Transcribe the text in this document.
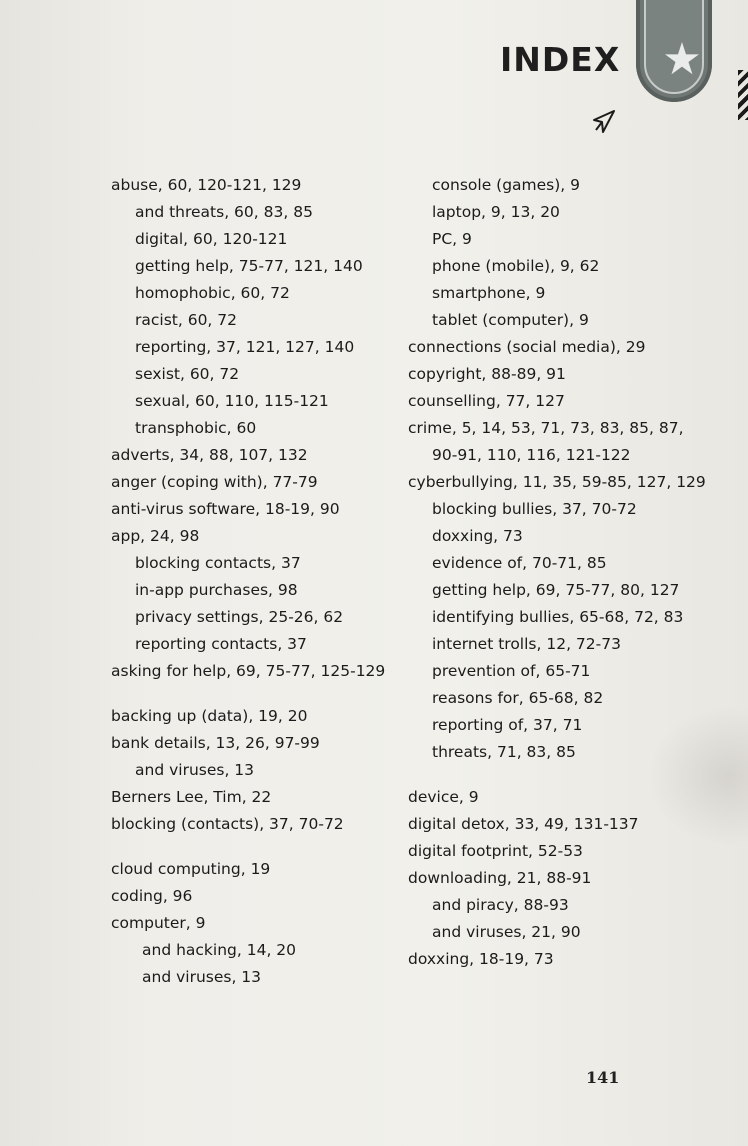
★
INDEX
abuse, 60, 120-121, 129
and threats, 60, 83, 85
digital, 60, 120-121
getting help, 75-77, 121, 140
homophobic, 60, 72
racist, 60, 72
reporting, 37, 121, 127, 140
sexist, 60, 72
sexual, 60, 110, 115-121
transphobic, 60
adverts, 34, 88, 107, 132
anger (coping with), 77-79
anti-virus software, 18-19, 90
app, 24, 98
blocking contacts, 37
in-app purchases, 98
privacy settings, 25-26, 62
reporting contacts, 37
asking for help, 69, 75-77, 125-129
backing up (data), 19, 20
bank details, 13, 26, 97-99
and viruses, 13
Berners Lee, Tim, 22
blocking (contacts), 37, 70-72
cloud computing, 19
coding, 96
computer, 9
and hacking, 14, 20
and viruses, 13
console (games), 9
laptop, 9, 13, 20
PC, 9
phone (mobile), 9, 62
smartphone, 9
tablet (computer), 9
connections (social media), 29
copyright, 88-89, 91
counselling, 77, 127
crime, 5, 14, 53, 71, 73, 83, 85, 87,
90-91, 110, 116, 121-122
cyberbullying, 11, 35, 59-85, 127, 129
blocking bullies, 37, 70-72
doxxing, 73
evidence of, 70-71, 85
getting help, 69, 75-77, 80, 127
identifying bullies, 65-68, 72, 83
internet trolls, 12, 72-73
prevention of, 65-71
reasons for, 65-68, 82
reporting of, 37, 71
threats, 71, 83, 85
device, 9
digital detox, 33, 49, 131-137
digital footprint, 52-53
downloading, 21, 88-91
and piracy, 88-93
and viruses, 21, 90
doxxing, 18-19, 73
141
